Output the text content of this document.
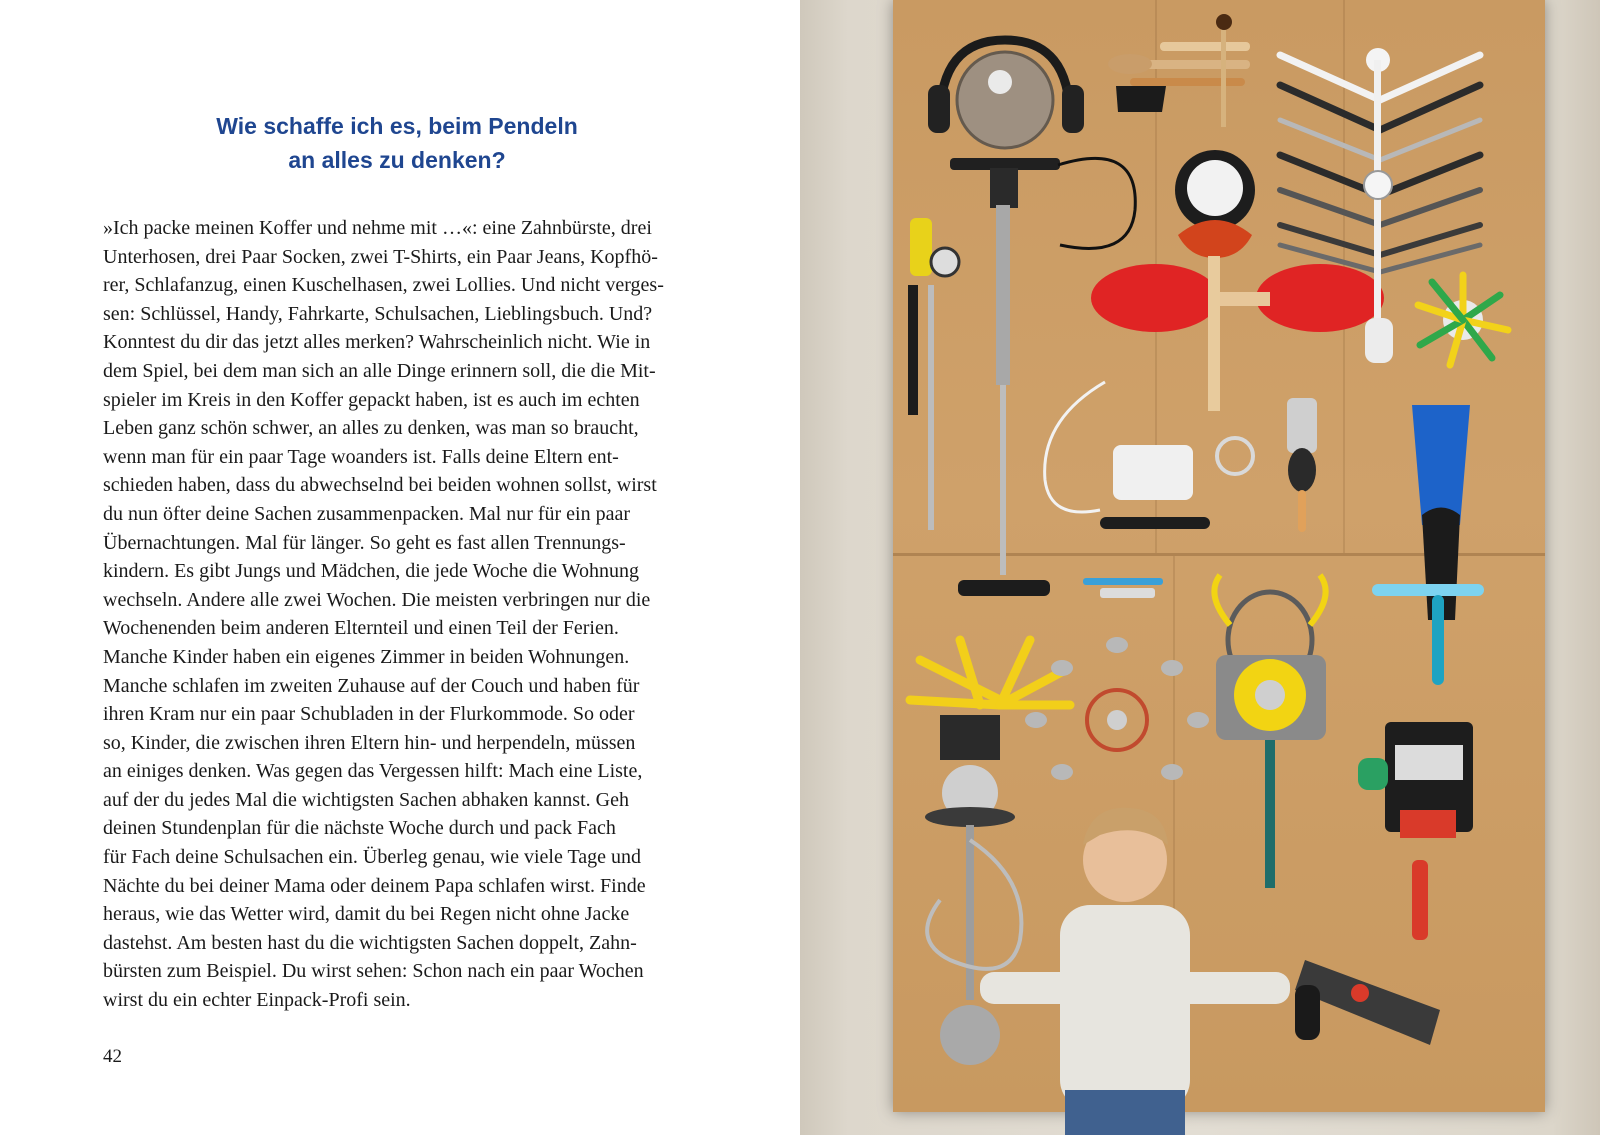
Wie schaffe ich es, beim Pendeln
an alles zu denken?

»Ich packe meinen Koffer und nehme mit …«: eine Zahnbürste, drei
Unterhosen, drei Paar Socken, zwei T-Shirts, ein Paar Jeans, Kopfhö-
rer, Schlafanzug, einen Kuschelhasen, zwei Lollies. Und nicht verges-
sen: Schlüssel, Handy, Fahrkarte, Schulsachen, Lieblingsbuch. Und?
Konntest du dir das jetzt alles merken? Wahrscheinlich nicht. Wie in
dem Spiel, bei dem man sich an alle Dinge erinnern soll, die die Mit-
spieler im Kreis in den Koffer gepackt haben, ist es auch im echten
Leben ganz schön schwer, an alles zu denken, was man so braucht,
wenn man für ein paar Tage woanders ist. Falls deine Eltern ent-
schieden haben, dass du abwechselnd bei beiden wohnen sollst, wirst
du nun öfter deine Sachen zusammenpacken. Mal nur für ein paar
Übernachtungen. Mal für länger. So geht es fast allen Trennungs-
kindern. Es gibt Jungs und Mädchen, die jede Woche die Wohnung
wechseln. Andere alle zwei Wochen. Die meisten verbringen nur die
Wochenenden beim anderen Elternteil und einen Teil der Ferien.
Manche Kinder haben ein eigenes Zimmer in beiden Wohnungen.
Manche schlafen im zweiten Zuhause auf der Couch und haben für
ihren Kram nur ein paar Schubladen in der Flurkommode. So oder
so, Kinder, die zwischen ihren Eltern hin- und herpendeln, müssen
an einiges denken. Was gegen das Vergessen hilft: Mach eine Liste,
auf der du jedes Mal die wichtigsten Sachen abhaken kannst. Geh
deinen Stundenplan für die nächste Woche durch und pack Fach
für Fach deine Schulsachen ein. Überleg genau, wie viele Tage und
Nächte du bei deiner Mama oder deinem Papa schlafen wirst. Finde
heraus, wie das Wetter wird, damit du bei Regen nicht ohne Jacke
dastehst. Am besten hast du die wichtigsten Sachen doppelt, Zahn-
bürsten zum Beispiel. Du wirst sehen: Schon nach ein paar Wochen
wirst du ein echter Einpack-Profi sein.

42
